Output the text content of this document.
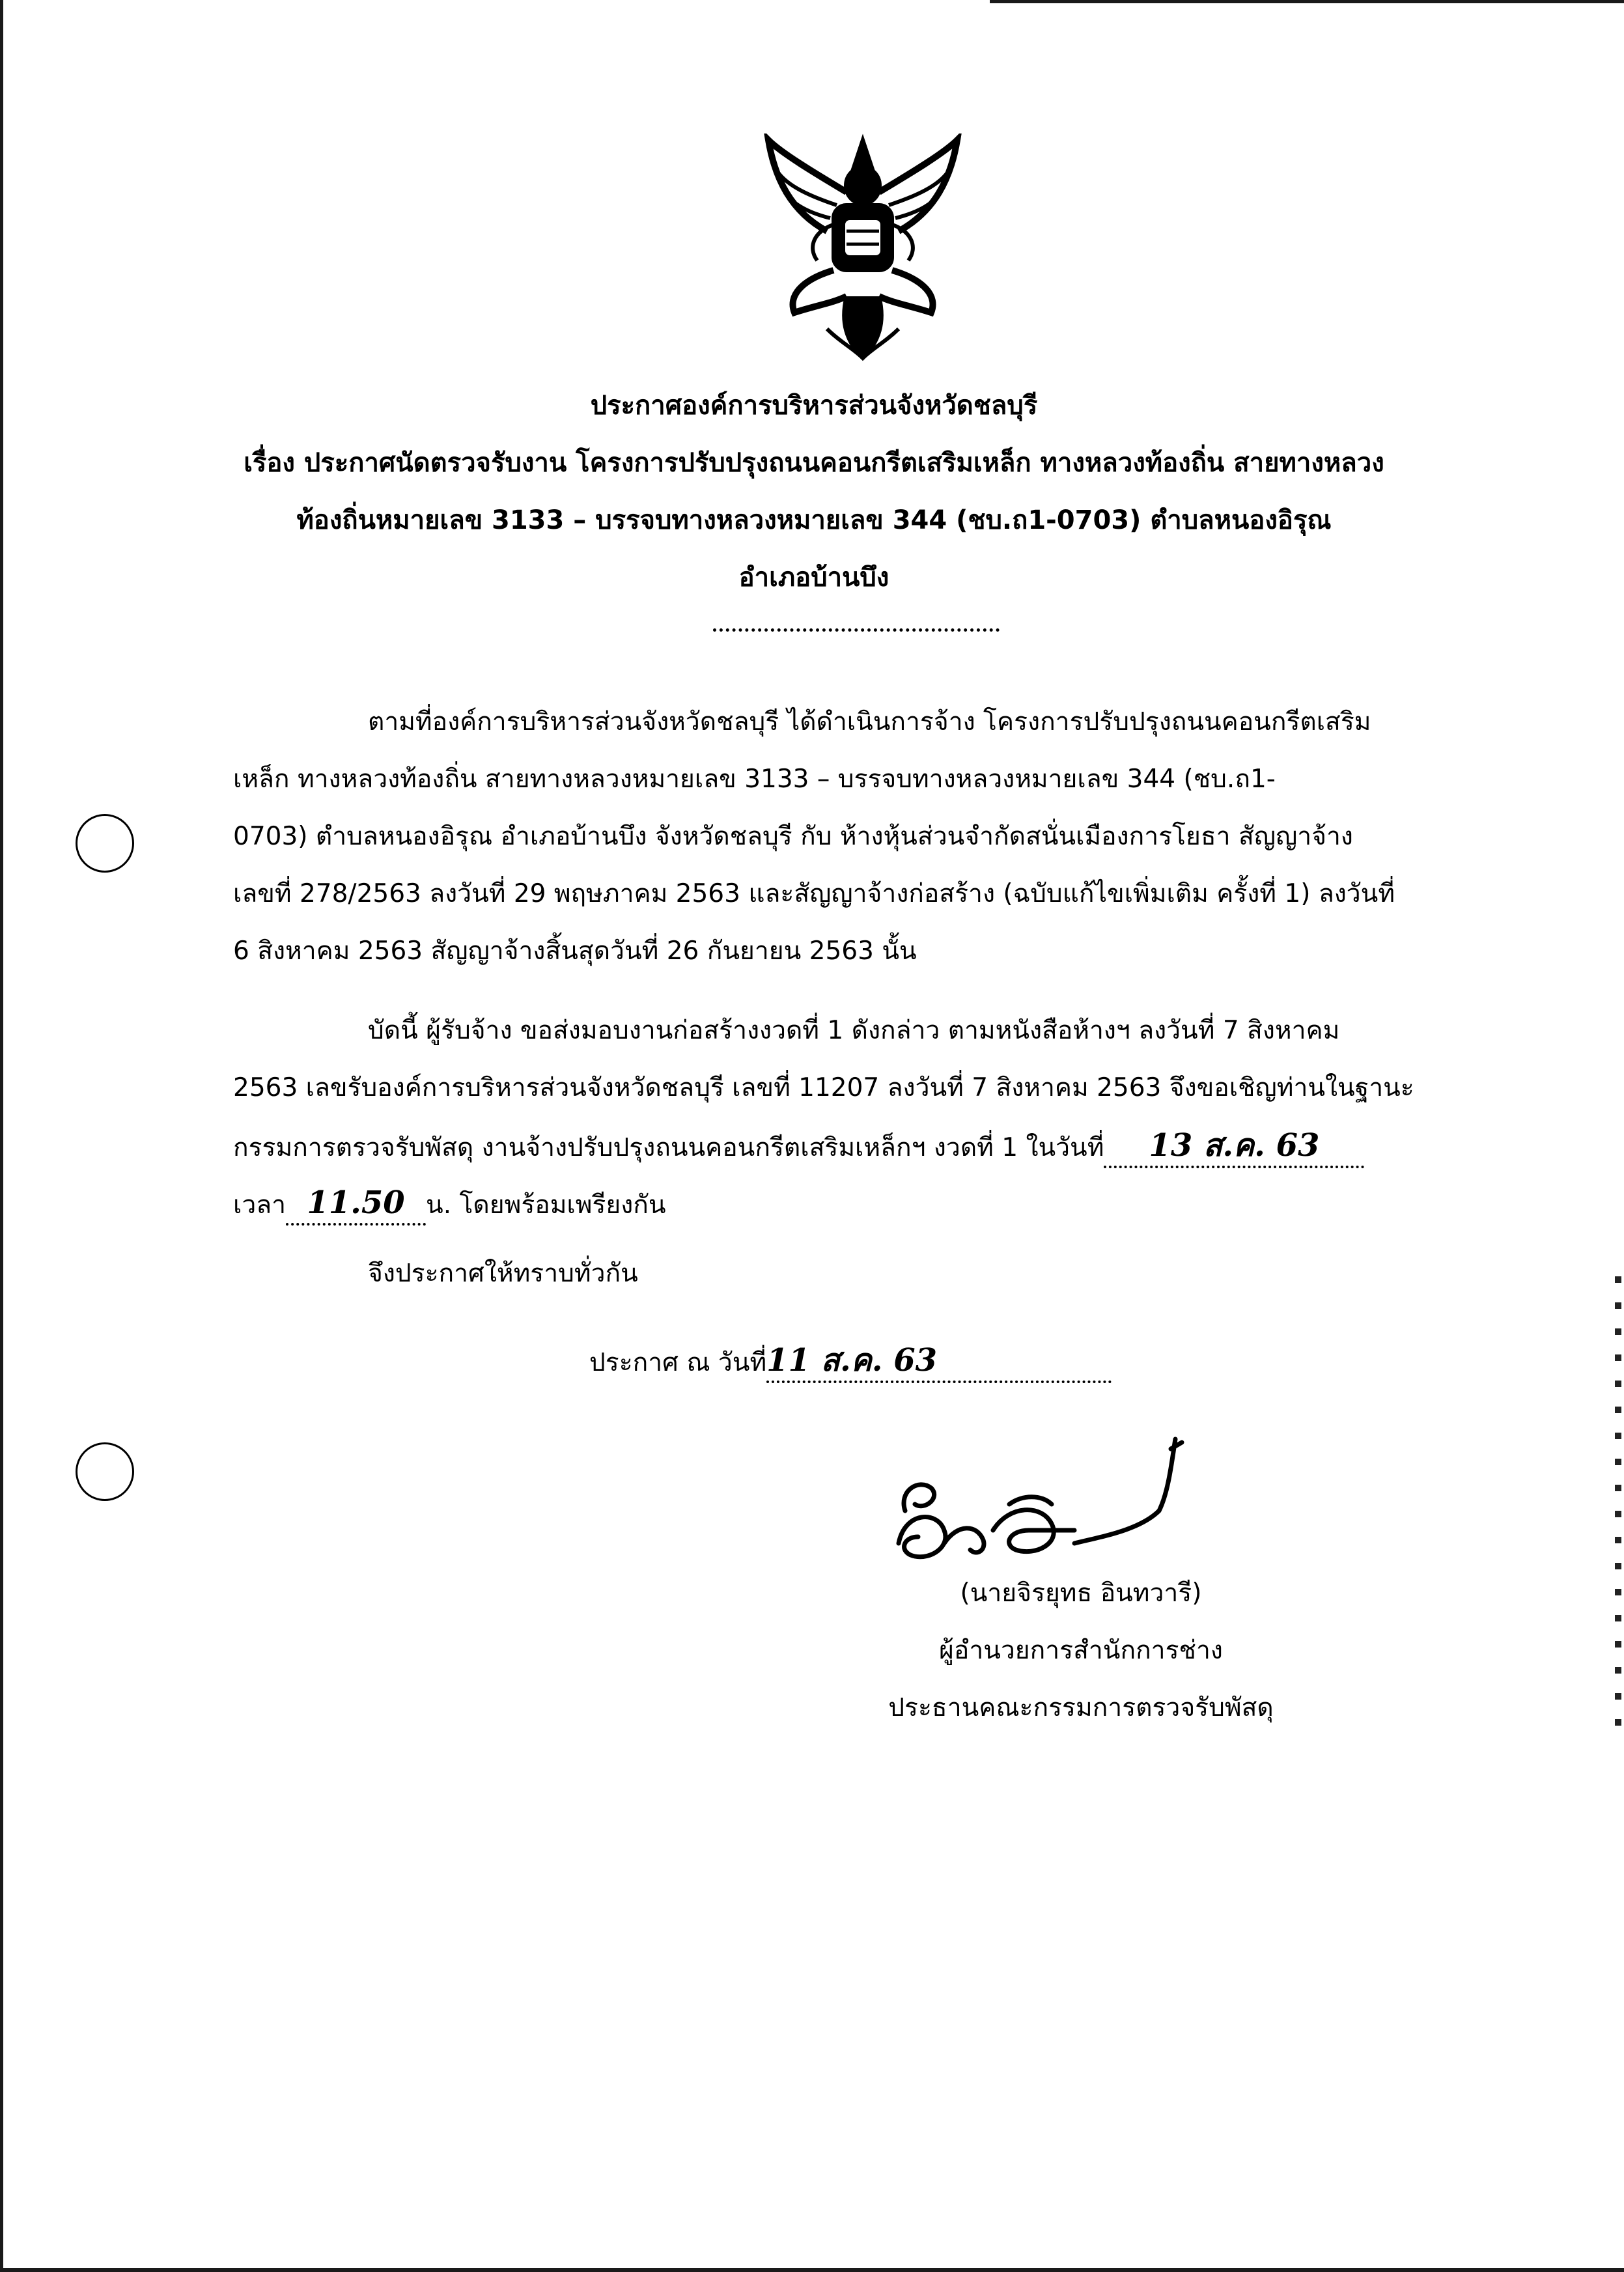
ประกาศองค์การบริหารส่วนจังหวัดชลบุรี
เรื่อง ประกาศนัดตรวจรับงาน โครงการปรับปรุงถนนคอนกรีตเสริมเหล็ก ทางหลวงท้องถิ่น สายทางหลวง
ท้องถิ่นหมายเลข 3133 – บรรจบทางหลวงหมายเลข 344 (ชบ.ถ1-0703) ตำบลหนองอิรุณ
อำเภอบ้านบึง
ตามที่องค์การบริหารส่วนจังหวัดชลบุรี ได้ดำเนินการจ้าง โครงการปรับปรุงถนนคอนกรีตเสริม
เหล็ก ทางหลวงท้องถิ่น สายทางหลวงหมายเลข 3133 – บรรจบทางหลวงหมายเลข 344 (ชบ.ถ1-
0703) ตำบลหนองอิรุณ อำเภอบ้านบึง จังหวัดชลบุรี กับ ห้างหุ้นส่วนจำกัดสนั่นเมืองการโยธา สัญญาจ้าง
เลขที่ 278/2563 ลงวันที่ 29 พฤษภาคม 2563 และสัญญาจ้างก่อสร้าง (ฉบับแก้ไขเพิ่มเติม ครั้งที่ 1) ลงวันที่
6 สิงหาคม 2563 สัญญาจ้างสิ้นสุดวันที่ 26 กันยายน 2563 นั้น
บัดนี้ ผู้รับจ้าง ขอส่งมอบงานก่อสร้างงวดที่ 1 ดังกล่าว ตามหนังสือห้างฯ ลงวันที่ 7 สิงหาคม
2563 เลขรับองค์การบริหารส่วนจังหวัดชลบุรี เลขที่ 11207 ลงวันที่ 7 สิงหาคม 2563 จึงขอเชิญท่านในฐานะ
กรรมการตรวจรับพัสดุ งานจ้างปรับปรุงถนนคอนกรีตเสริมเหล็กฯ งวดที่ 1 ในวันที่ 13 ส.ค. 63
เวลา 11.50 น. โดยพร้อมเพรียงกัน
จึงประกาศให้ทราบทั่วกัน
ประกาศ ณ วันที่11 ส.ค. 63
(นายจิรยุทธ อินทวารี)
ผู้อำนวยการสำนักการช่าง
ประธานคณะกรรมการตรวจรับพัสดุ
